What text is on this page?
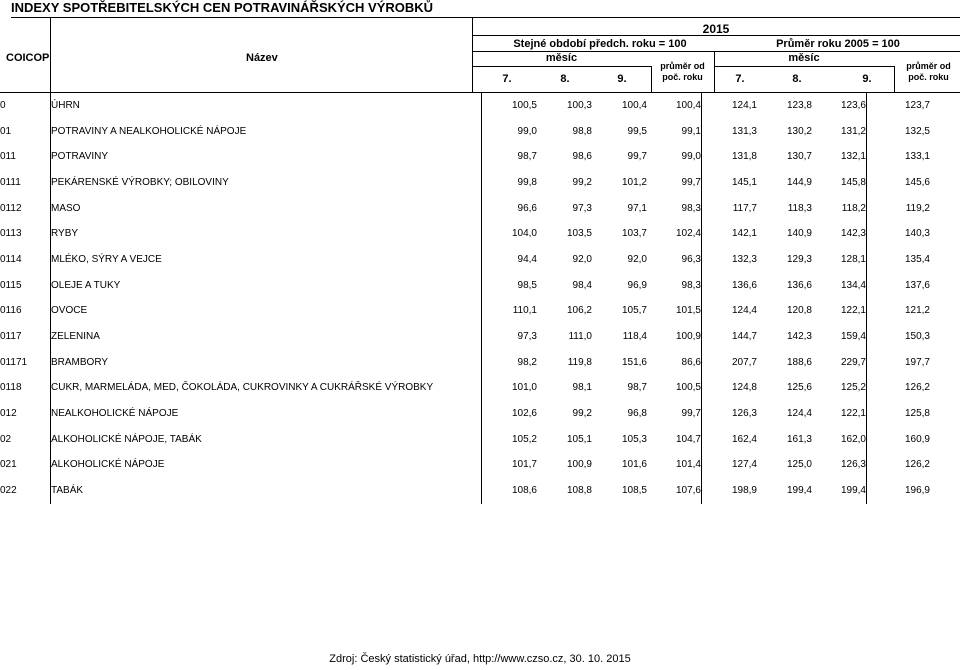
INDEXY SPOTŘEBITELSKÝCH CEN POTRAVINÁŘSKÝCH VÝROBKŮ
2015
COICOP	Název
Stejné období předch. roku = 100	Průměr roku 2005 = 100
měsíc	měsíc
7.	8.	9.
průměr od
poč. roku	7.	8.	9.
průměr od
poč. roku
0	ÚHRN	100,5	100,3	100,4	100,4	124,1	123,8	123,6	123,7
01	POTRAVINY A NEALKOHOLICKÉ NÁPOJE	99,0	98,8	99,5	99,1	131,3	130,2	131,2	132,5
011	POTRAVINY	98,7	98,6	99,7	99,0	131,8	130,7	132,1	133,1
0111	PEKÁRENSKÉ VÝROBKY; OBILOVINY	99,8	99,2	101,2	99,7	145,1	144,9	145,8	145,6
0112	MASO	96,6	97,3	97,1	98,3	117,7	118,3	118,2	119,2
0113	RYBY	104,0	103,5	103,7	102,4	142,1	140,9	142,3	140,3
0114	MLÉKO, SÝRY A VEJCE	94,4	92,0	92,0	96,3	132,3	129,3	128,1	135,4
0115	OLEJE A TUKY	98,5	98,4	96,9	98,3	136,6	136,6	134,4	137,6
0116	OVOCE	110,1	106,2	105,7	101,5	124,4	120,8	122,1	121,2
0117	ZELENINA	97,3	111,0	118,4	100,9	144,7	142,3	159,4	150,3
01171	BRAMBORY	98,2	119,8	151,6	86,6	207,7	188,6	229,7	197,7
0118	CUKR, MARMELÁDA, MED, ČOKOLÁDA, CUKROVINKY A CUKRÁŘSKÉ VÝROBKY	101,0	98,1	98,7	100,5	124,8	125,6	125,2	126,2
012	NEALKOHOLICKÉ NÁPOJE	102,6	99,2	96,8	99,7	126,3	124,4	122,1	125,8
02	ALKOHOLICKÉ NÁPOJE, TABÁK	105,2	105,1	105,3	104,7	162,4	161,3	162,0	160,9
021	ALKOHOLICKÉ NÁPOJE	101,7	100,9	101,6	101,4	127,4	125,0	126,3	126,2
022	TABÁK	108,6	108,8	108,5	107,6	198,9	199,4	199,4	196,9
Zdroj: Český statistický úřad, http://www.czso.cz, 30. 10. 2015
